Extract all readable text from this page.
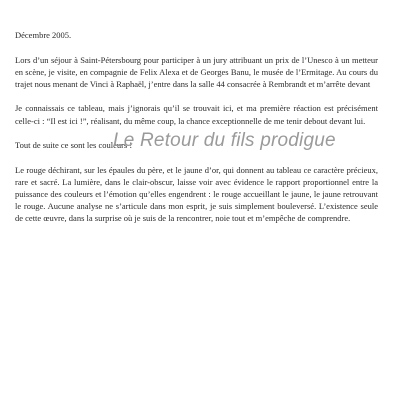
Décembre 2005.

Lors d’un séjour à Saint-Pétersbourg pour participer à un jury attribuant un prix de l’Unesco à un metteur en scène, je visite, en compagnie de Felix Alexa et de Georges Banu, le musée de l’Ermitage. Au cours du trajet nous menant de Vinci à Raphaël, j’entre dans la salle 44 consacrée à Rembrandt et m’arrête devant

Je connaissais ce tableau, mais j’ignorais qu’il se trouvait ici, et ma première réaction est précisément celle-ci : “Il est ici !”, réalisant, du même coup, la chance exceptionnelle de me tenir debout devant lui.

Tout de suite ce sont les couleurs !

Le rouge déchirant, sur les épaules du père, et le jaune d’or, qui donnent au tableau ce caractère précieux, rare et sacré. La lumière, dans le clair-obscur, laisse voir avec évidence le rapport proportionnel entre la puissance des couleurs et l’émotion qu’elles engendrent : le rouge accueillant le jaune, le jaune retrouvant le rouge. Aucune analyse ne s’articule dans mon esprit, je suis simplement bouleversé. L’existence seule de cette œuvre, dans la surprise où je suis de la rencontrer, noie tout et m’empêche de comprendre.

Le Retour du fils prodigue
